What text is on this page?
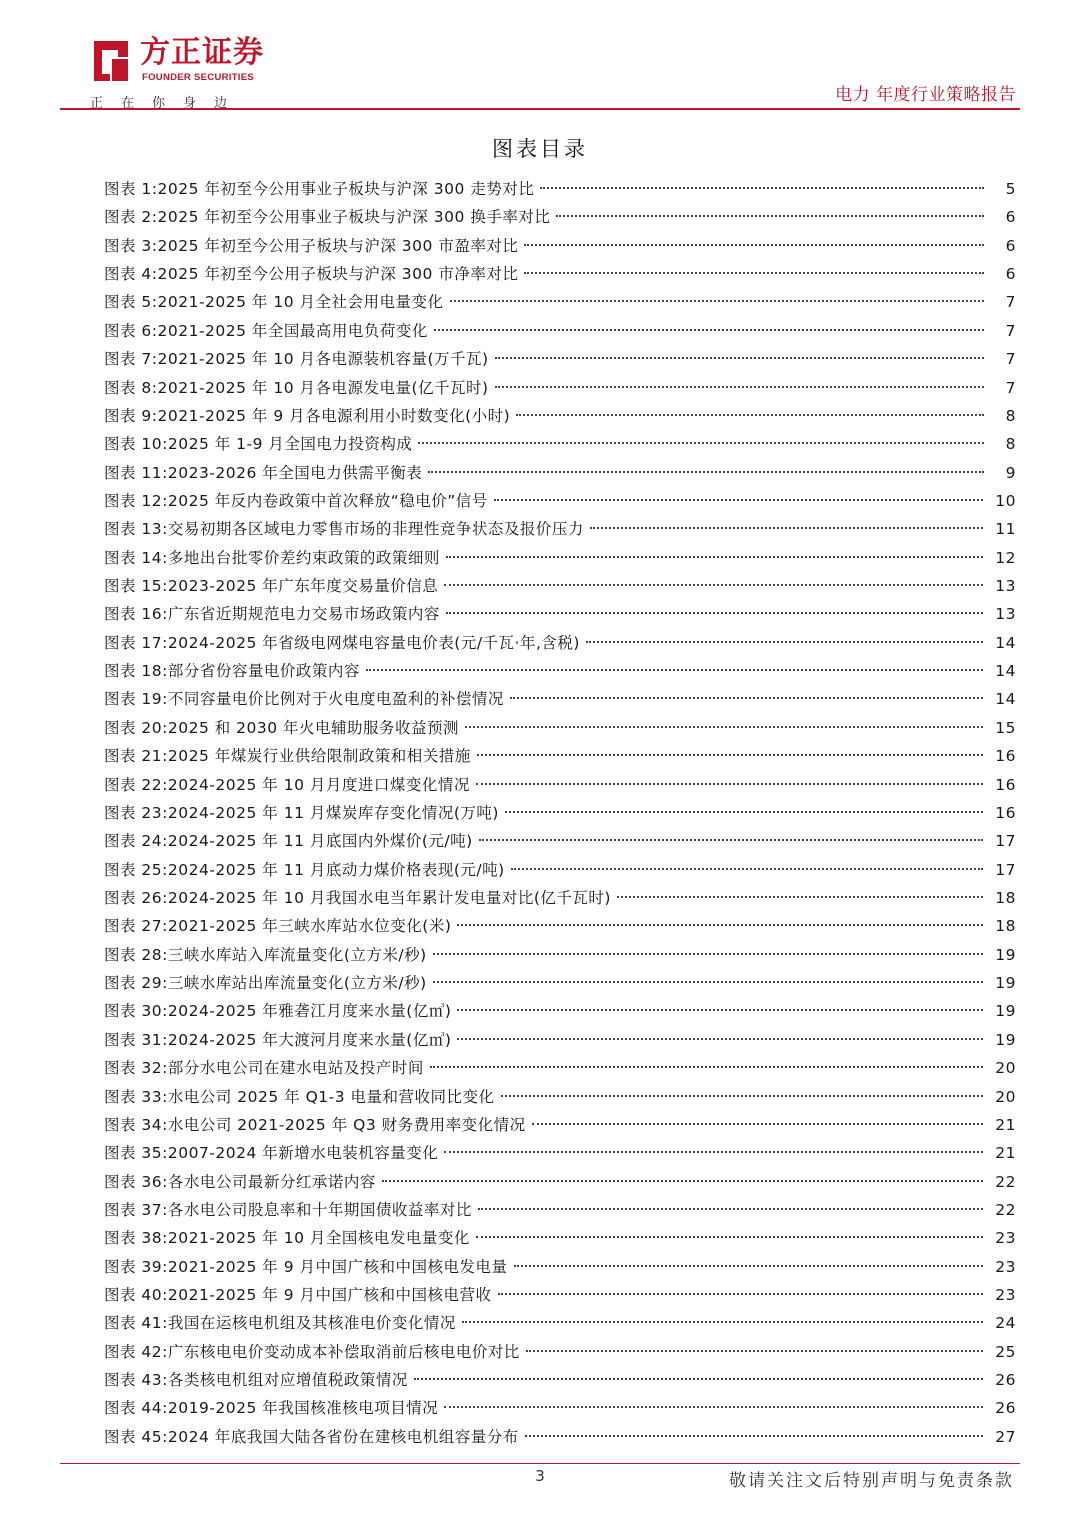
方正证券
FOUNDER SECURITIES
正在你身边	电力 年度行业策略报告
图表目录
图表 1:2025 年初至今公用事业子板块与沪深 300 走势对比	5
图表 2:2025 年初至今公用事业子板块与沪深 300 换手率对比	6
图表 3:2025 年初至今公用子板块与沪深 300 市盈率对比	6
图表 4:2025 年初至今公用子板块与沪深 300 市净率对比	6
图表 5:2021-2025 年 10 月全社会用电量变化	7
图表 6:2021-2025 年全国最高用电负荷变化	7
图表 7:2021-2025 年 10 月各电源装机容量(万千瓦)	7
图表 8:2021-2025 年 10 月各电源发电量(亿千瓦时)	7
图表 9:2021-2025 年 9 月各电源利用小时数变化(小时)	8
图表 10:2025 年 1-9 月全国电力投资构成	8
图表 11:2023-2026 年全国电力供需平衡表	9
图表 12:2025 年反内卷政策中首次释放“稳电价”信号	10
图表 13:交易初期各区域电力零售市场的非理性竞争状态及报价压力	11
图表 14:多地出台批零价差约束政策的政策细则	12
图表 15:2023-2025 年广东年度交易量价信息	13
图表 16:广东省近期规范电力交易市场政策内容	13
图表 17:2024-2025 年省级电网煤电容量电价表(元/千瓦·年,含税)	14
图表 18:部分省份容量电价政策内容	14
图表 19:不同容量电价比例对于火电度电盈利的补偿情况	14
图表 20:2025 和 2030 年火电辅助服务收益预测	15
图表 21:2025 年煤炭行业供给限制政策和相关措施	16
图表 22:2024-2025 年 10 月月度进口煤变化情况	16
图表 23:2024-2025 年 11 月煤炭库存变化情况(万吨)	16
图表 24:2024-2025 年 11 月底国内外煤价(元/吨)	17
图表 25:2024-2025 年 11 月底动力煤价格表现(元/吨)	17
图表 26:2024-2025 年 10 月我国水电当年累计发电量对比(亿千瓦时)	18
图表 27:2021-2025 年三峡水库站水位变化(米)	18
图表 28:三峡水库站入库流量变化(立方米/秒)	19
图表 29:三峡水库站出库流量变化(立方米/秒)	19
图表 30:2024-2025 年雅砻江月度来水量(亿㎥)	19
图表 31:2024-2025 年大渡河月度来水量(亿㎥)	19
图表 32:部分水电公司在建水电站及投产时间	20
图表 33:水电公司 2025 年 Q1-3 电量和营收同比变化	20
图表 34:水电公司 2021-2025 年 Q3 财务费用率变化情况	21
图表 35:2007-2024 年新增水电装机容量变化	21
图表 36:各水电公司最新分红承诺内容	22
图表 37:各水电公司股息率和十年期国债收益率对比	22
图表 38:2021-2025 年 10 月全国核电发电量变化	23
图表 39:2021-2025 年 9 月中国广核和中国核电发电量	23
图表 40:2021-2025 年 9 月中国广核和中国核电营收	23
图表 41:我国在运核电机组及其核准电价变化情况	24
图表 42:广东核电电价变动成本补偿取消前后核电电价对比	25
图表 43:各类核电机组对应增值税政策情况	26
图表 44:2019-2025 年我国核准核电项目情况	26
图表 45:2024 年底我国大陆各省份在建核电机组容量分布	27
3	敬请关注文后特别声明与免责条款
